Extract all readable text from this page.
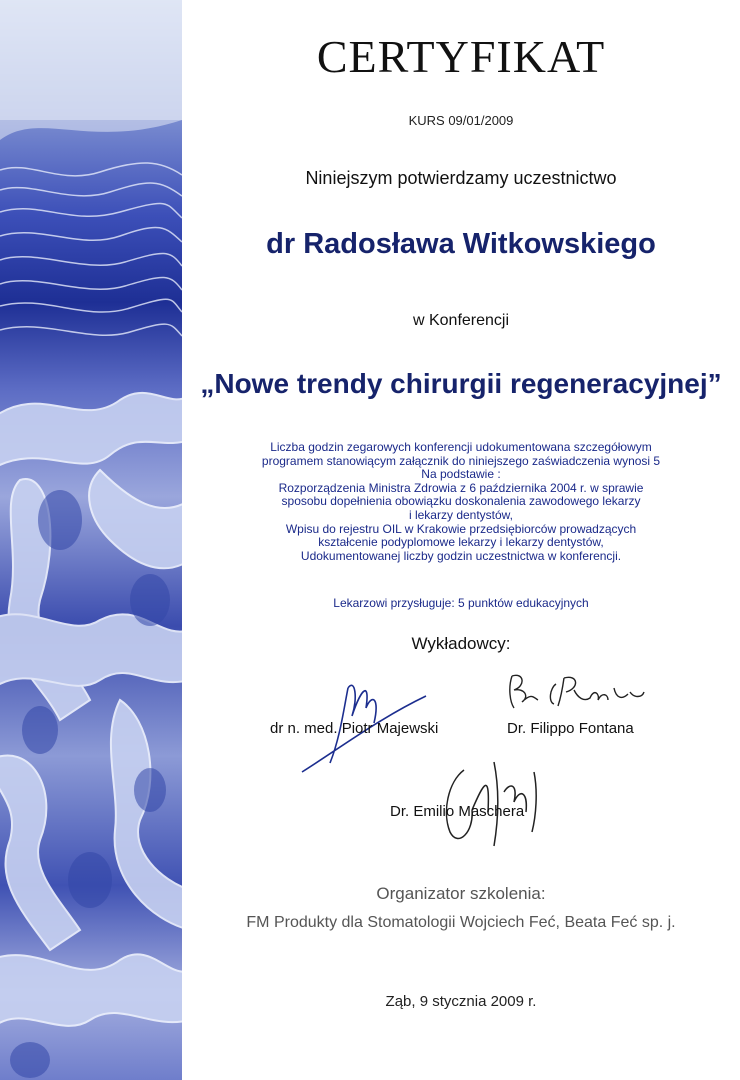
CERTYFIKAT
KURS 09/01/2009
Niniejszym potwierdzamy uczestnictwo
dr Radosława Witkowskiego
w Konferencji
„Nowe trendy chirurgii regeneracyjnej”
Liczba godzin zegarowych konferencji udokumentowana szczegółowym
programem stanowiącym załącznik do niniejszego zaświadczenia wynosi 5
Na podstawie :
Rozporządzenia Ministra Zdrowia z 6 października 2004 r. w sprawie
sposobu dopełnienia obowiązku doskonalenia zawodowego lekarzy
i lekarzy dentystów,
Wpisu do rejestru OIL w Krakowie przedsiębiorców prowadzących
kształcenie podyplomowe lekarzy i lekarzy dentystów,
Udokumentowanej liczby godzin uczestnictwa w konferencji.
Lekarzowi przysługuje: 5 punktów edukacyjnych
Wykładowcy:
dr n. med. Piotr Majewski	Dr. Filippo Fontana
Dr. Emilio Maschera
Organizator szkolenia:
FM Produkty dla Stomatologii Wojciech Feć, Beata Feć sp. j.
Ząb, 9 stycznia 2009 r.
